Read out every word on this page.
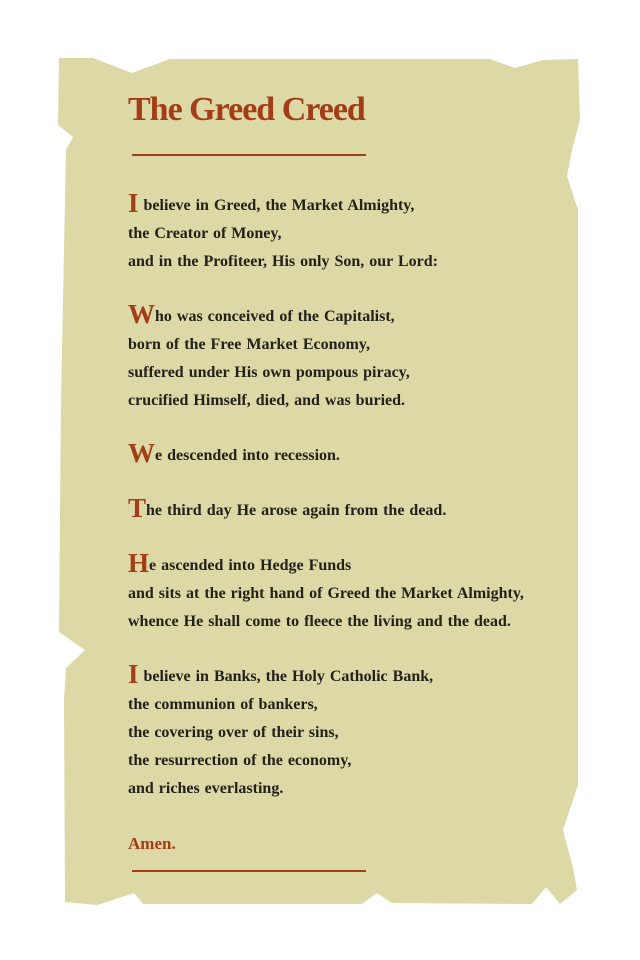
The Greed Creed
I believe in Greed, the Market Almighty,
the Creator of Money,
and in the Profiteer, His only Son, our Lord:
Who was conceived of the Capitalist,
born of the Free Market Economy,
suffered under His own pompous piracy,
crucified Himself, died, and was buried.
We descended into recession.
The third day He arose again from the dead.
He ascended into Hedge Funds
and sits at the right hand of Greed the Market Almighty,
whence He shall come to fleece the living and the dead.
I believe in Banks, the Holy Catholic Bank,
the communion of bankers,
the covering over of their sins,
the resurrection of the economy,
and riches everlasting.
Amen.
